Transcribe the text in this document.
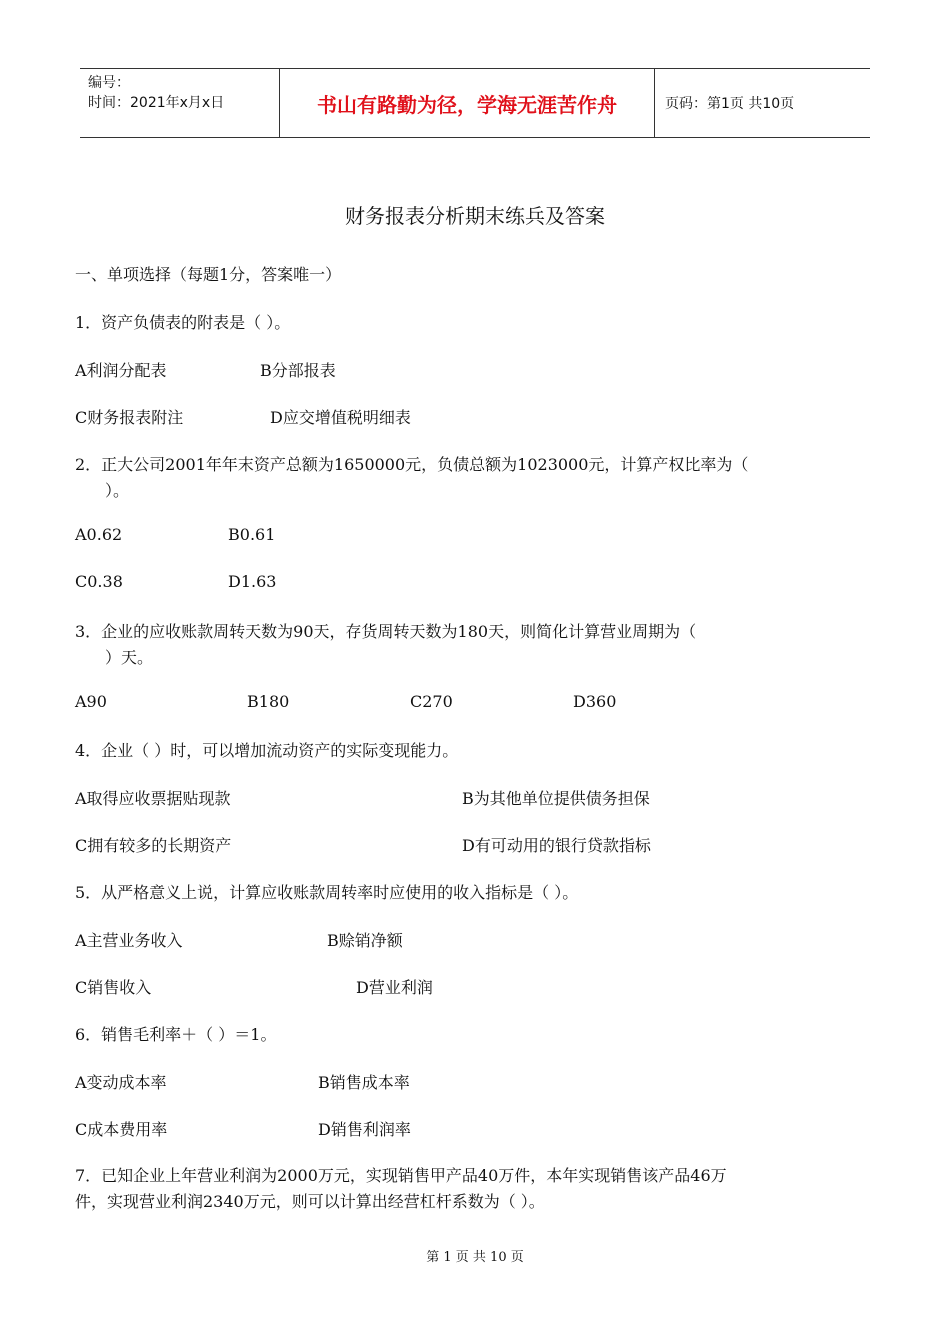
编号：
时间：2021年x月x日	书山有路勤为径，学海无涯苦作舟	页码：第1页 共10页
财务报表分析期末练兵及答案
一、单项选择（每题1分，答案唯一）
1．资产负债表的附表是（ ）。
A利润分配表	B分部报表
C财务报表附注	D应交增值税明细表
2．正大公司2001年年末资产总额为1650000元，负债总额为1023000元，计算产权比率为（
）。
A0.62	B0.61
C0.38	D1.63
3．企业的应收账款周转天数为90天，存货周转天数为180天，则简化计算营业周期为（
）天。
A90	B180	C270	D360
4．企业（ ）时，可以增加流动资产的实际变现能力。
A取得应收票据贴现款	B为其他单位提供债务担保
C拥有较多的长期资产	D有可动用的银行贷款指标
5．从严格意义上说，计算应收账款周转率时应使用的收入指标是（ ）。
A主营业务收入	B赊销净额
C销售收入	D营业利润
6．销售毛利率＋（ ）＝1。
A变动成本率	B销售成本率
C成本费用率	D销售利润率
7．已知企业上年营业利润为2000万元，实现销售甲产品40万件，本年实现销售该产品46万
件，实现营业利润2340万元，则可以计算出经营杠杆系数为（ ）。
第 1 页 共 10 页
